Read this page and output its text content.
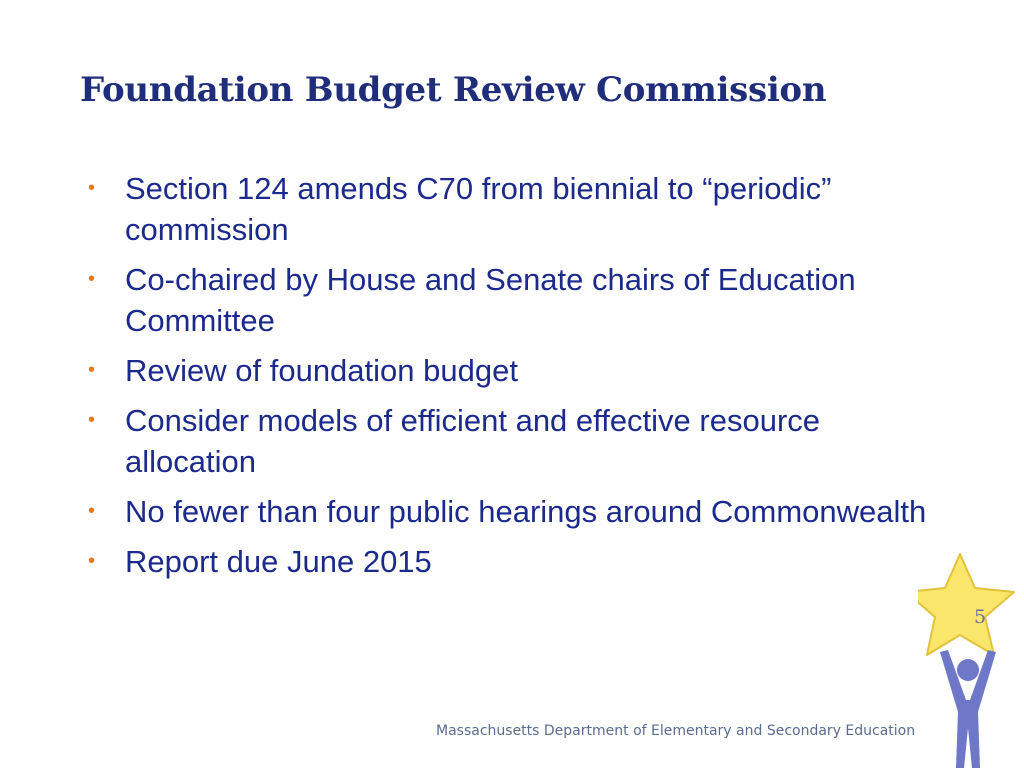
Foundation Budget Review Commission
• Section 124 amends C70 from biennial to “periodic” commission
• Co-chaired by House and Senate chairs of Education Committee
• Review of foundation budget
• Consider models of efficient and effective resource allocation
• No fewer than four public hearings around Commonwealth
• Report due June 2015
Massachusetts Department of Elementary and Secondary Education
5
